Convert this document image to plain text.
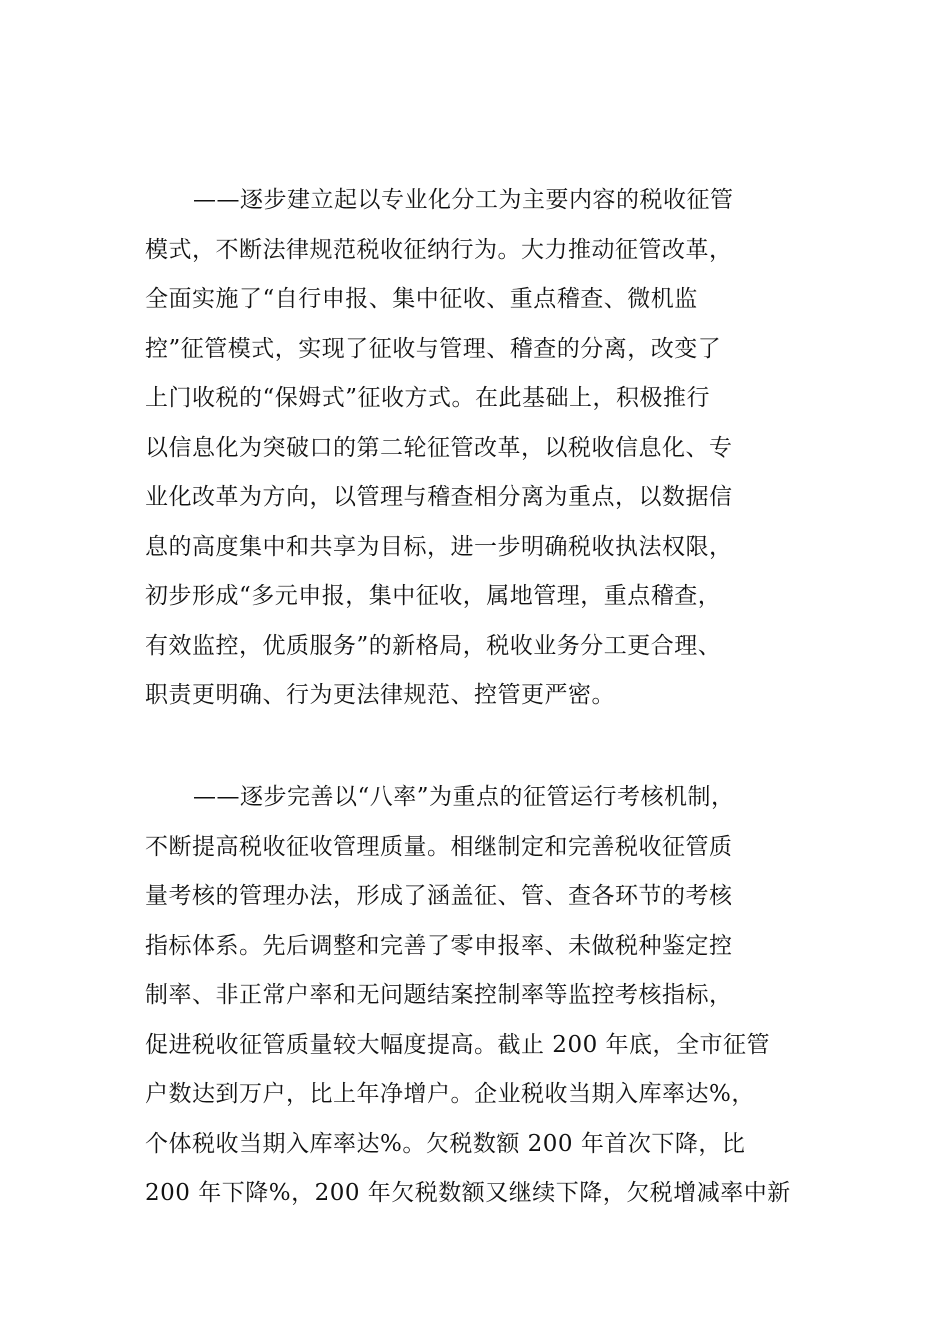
——逐步建立起以专业化分工为主要内容的税收征管
模式，不断法律规范税收征纳行为。大力推动征管改革，
全面实施了“自行申报、集中征收、重点稽查、微机监
控”征管模式，实现了征收与管理、稽查的分离，改变了
上门收税的“保姆式”征收方式。在此基础上，积极推行
以信息化为突破口的第二轮征管改革，以税收信息化、专
业化改革为方向，以管理与稽查相分离为重点，以数据信
息的高度集中和共享为目标，进一步明确税收执法权限，
初步形成“多元申报，集中征收，属地管理，重点稽查，
有效监控，优质服务”的新格局，税收业务分工更合理、
职责更明确、行为更法律规范、控管更严密。

——逐步完善以“八率”为重点的征管运行考核机制，
不断提高税收征收管理质量。相继制定和完善税收征管质
量考核的管理办法，形成了涵盖征、管、查各环节的考核
指标体系。先后调整和完善了零申报率、未做税种鉴定控
制率、非正常户率和无问题结案控制率等监控考核指标，
促进税收征管质量较大幅度提高。截止 200 年底，全市征管
户数达到万户，比上年净增户。企业税收当期入库率达%，
个体税收当期入库率达%。欠税数额 200 年首次下降，比
200 年下降%，200 年欠税数额又继续下降，欠税增减率中新
